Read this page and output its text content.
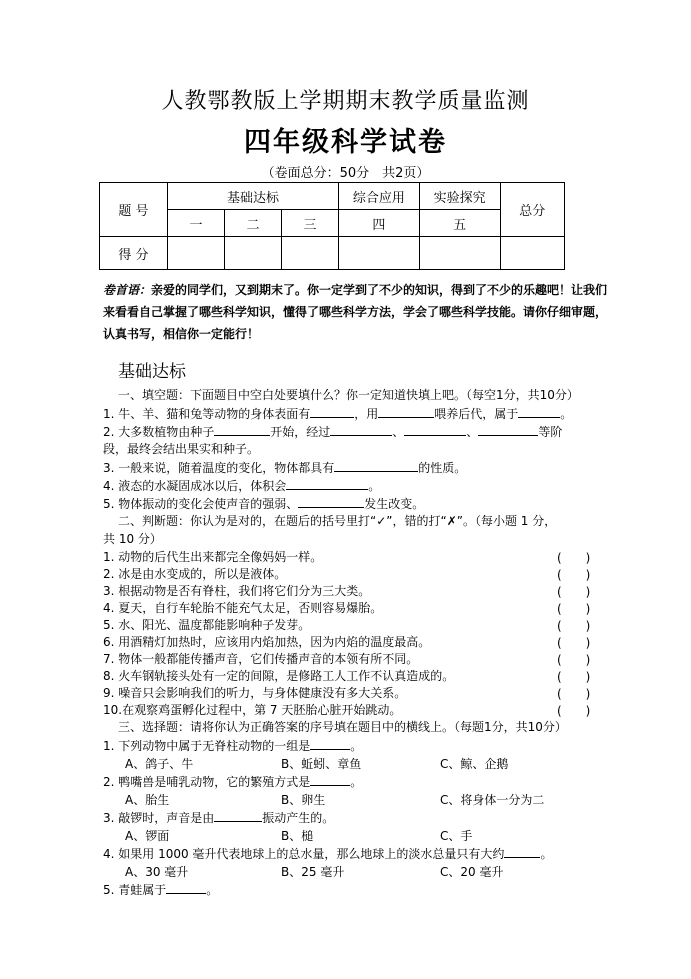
人教鄂教版上学期期末教学质量监测
四年级科学试卷
（卷面总分：50分　共2页）
题 号	基础达标			综合应用	实验探究	总分
	一	二	三	四	五	
得 分						
卷首语：亲爱的同学们，又到期末了。你一定学到了不少的知识，得到了不少的乐趣吧！让我们来看看自己掌握了哪些科学知识，懂得了哪些科学方法，学会了哪些科学技能。请你仔细审题，认真书写，相信你一定能行！
基础达标
一、填空题：下面题目中空白处要填什么？你一定知道快填上吧。（每空1分，共10分）
1. 牛、羊、猫和兔等动物的身体表面有	，用	喂养后代，属于	。
2. 大多数植物由种子	开始，经过	、	、	等阶
段，最终会结出果实和种子。
3. 一般来说，随着温度的变化，物体都具有	的性质。
4. 液态的水凝固成冰以后，体积会	。
5. 物体振动的变化会使声音的强弱、	发生改变。
二、判断题：你认为是对的，在题后的括号里打“✓”，错的打“✗”。（每小题 1 分，
共 10 分）
1. 动物的后代生出来都完全像妈妈一样。	(　　)
2. 冰是由水变成的，所以是液体。	(　　)
3. 根据动物是否有脊柱，我们将它们分为三大类。	(　　)
4. 夏天，自行车轮胎不能充气太足，否则容易爆胎。	(　　)
5. 水、阳光、温度都能影响种子发芽。	(　　)
6. 用酒精灯加热时，应该用内焰加热，因为内焰的温度最高。	(　　)
7. 物体一般都能传播声音，它们传播声音的本领有所不同。	(　　)
8. 火车钢轨接头处有一定的间隙，是修路工人工作不认真造成的。	(　　)
9. 噪音只会影响我们的听力，与身体健康没有多大关系。	(　　)
10.在观察鸡蛋孵化过程中，第 7 天胚胎心脏开始跳动。	(　　)
三、选择题：请将你认为正确答案的序号填在题目中的横线上。（每题1分，共10分）
1. 下列动物中属于无脊柱动物的一组是	。
A、鸽子、牛	B、蚯蚓、章鱼	C、鲸、企鹅
2. 鸭嘴兽是哺乳动物，它的繁殖方式是	。
A、胎生	B、卵生	C、将身体一分为二
3. 敲锣时，声音是由	振动产生的。
A、锣面	B、槌	C、手
4. 如果用 1000 毫升代表地球上的总水量，那么地球上的淡水总量只有大约	。
A、30 毫升	B、25 毫升	C、20 毫升
5. 青蛙属于	。
